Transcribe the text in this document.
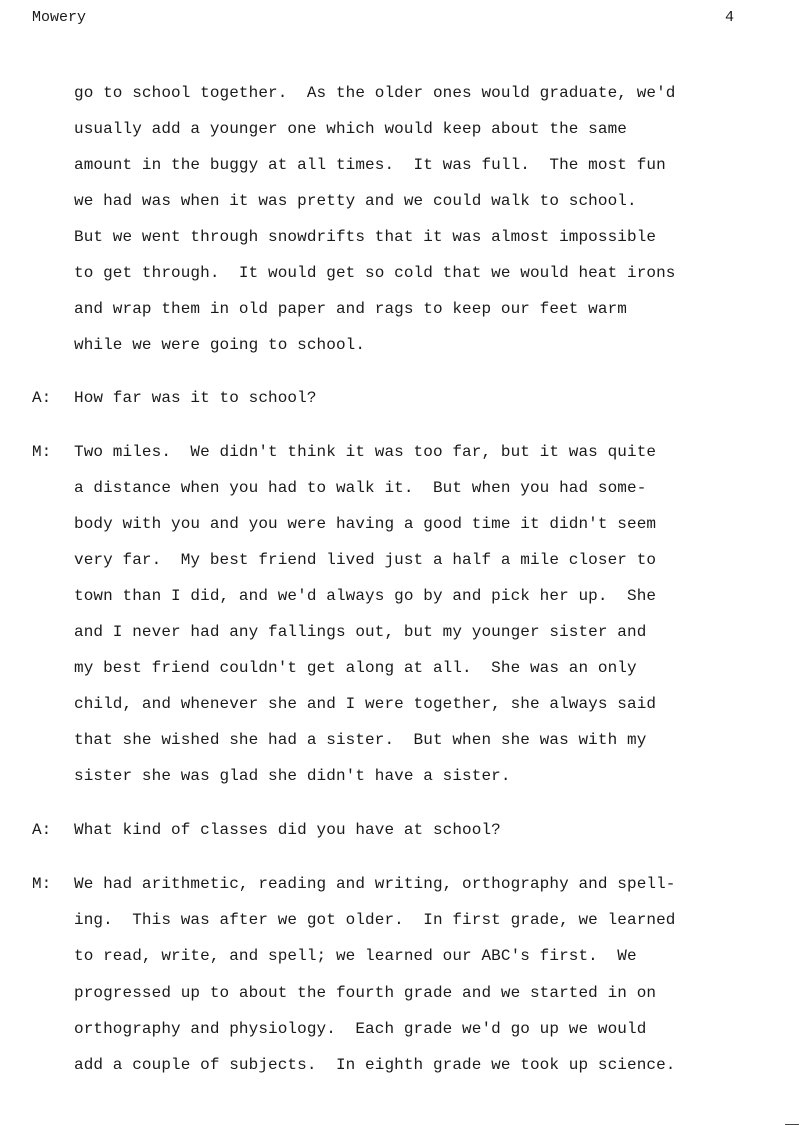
Mowery	4
go to school together.  As the older ones would graduate, we'd
usually add a younger one which would keep about the same
amount in the buggy at all times.  It was full.  The most fun
we had was when it was pretty and we could walk to school.
But we went through snowdrifts that it was almost impossible
to get through.  It would get so cold that we would heat irons
and wrap them in old paper and rags to keep our feet warm
while we were going to school.
A: How far was it to school?
M: Two miles.  We didn't think it was too far, but it was quite
a distance when you had to walk it.  But when you had some-
body with you and you were having a good time it didn't seem
very far.  My best friend lived just a half a mile closer to
town than I did, and we'd always go by and pick her up.  She
and I never had any fallings out, but my younger sister and
my best friend couldn't get along at all.  She was an only
child, and whenever she and I were together, she always said
that she wished she had a sister.  But when she was with my
sister she was glad she didn't have a sister.
A: What kind of classes did you have at school?
M: We had arithmetic, reading and writing, orthography and spell-
ing.  This was after we got older.  In first grade, we learned
to read, write, and spell; we learned our ABC's first.  We
progressed up to about the fourth grade and we started in on
orthography and physiology.  Each grade we'd go up we would
add a couple of subjects.  In eighth grade we took up science.
